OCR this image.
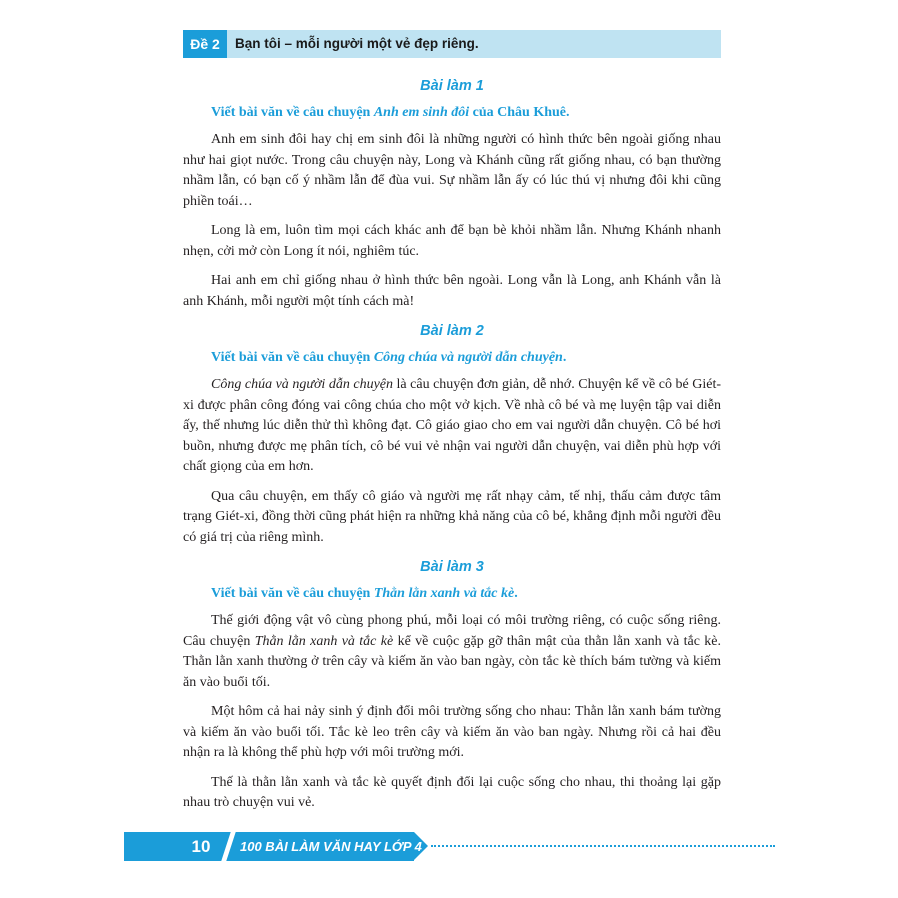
Đề 2	Bạn tôi – mỗi người một vẻ đẹp riêng.
Bài làm 1

Viết bài văn về câu chuyện Anh em sinh đôi của Châu Khuê.

Anh em sinh đôi hay chị em sinh đôi là những người có hình thức bên ngoài giống nhau như hai giọt nước. Trong câu chuyện này, Long và Khánh cũng rất giống nhau, có bạn thường nhầm lẫn, có bạn cố ý nhầm lẫn để đùa vui. Sự nhầm lẫn ấy có lúc thú vị nhưng đôi khi cũng phiền toái…

Long là em, luôn tìm mọi cách khác anh để bạn bè khỏi nhầm lẫn. Nhưng Khánh nhanh nhẹn, cởi mở còn Long ít nói, nghiêm túc.

Hai anh em chỉ giống nhau ở hình thức bên ngoài. Long vẫn là Long, anh Khánh vẫn là anh Khánh, mỗi người một tính cách mà!

Bài làm 2

Viết bài văn về câu chuyện Công chúa và người dẫn chuyện.

Công chúa và người dẫn chuyện là câu chuyện đơn giản, dễ nhớ. Chuyện kể về cô bé Giét-xi được phân công đóng vai công chúa cho một vở kịch. Về nhà cô bé và mẹ luyện tập vai diễn ấy, thế nhưng lúc diễn thử thì không đạt. Cô giáo giao cho em vai người dẫn chuyện. Cô bé hơi buồn, nhưng được mẹ phân tích, cô bé vui vẻ nhận vai người dẫn chuyện, vai diễn phù hợp với chất giọng của em hơn.

Qua câu chuyện, em thấy cô giáo và người mẹ rất nhạy cảm, tế nhị, thấu cảm được tâm trạng Giét-xi, đồng thời cũng phát hiện ra những khả năng của cô bé, khẳng định mỗi người đều có giá trị của riêng mình.

Bài làm 3

Viết bài văn về câu chuyện Thằn lằn xanh và tắc kè.

Thế giới động vật vô cùng phong phú, mỗi loại có môi trường riêng, có cuộc sống riêng. Câu chuyện Thằn lằn xanh và tắc kè kể về cuộc gặp gỡ thân mật của thằn lằn xanh và tắc kè. Thằn lằn xanh thường ở trên cây và kiếm ăn vào ban ngày, còn tắc kè thích bám tường và kiếm ăn vào buổi tối.

Một hôm cả hai nảy sinh ý định đổi môi trường sống cho nhau: Thằn lằn xanh bám tường và kiếm ăn vào buổi tối. Tắc kè leo trên cây và kiếm ăn vào ban ngày. Nhưng rồi cả hai đều nhận ra là không thể phù hợp với môi trường mới.

Thế là thằn lằn xanh và tắc kè quyết định đổi lại cuộc sống cho nhau, thi thoảng lại gặp nhau trò chuyện vui vẻ.

10	100 BÀI LÀM VĂN HAY LỚP 4
